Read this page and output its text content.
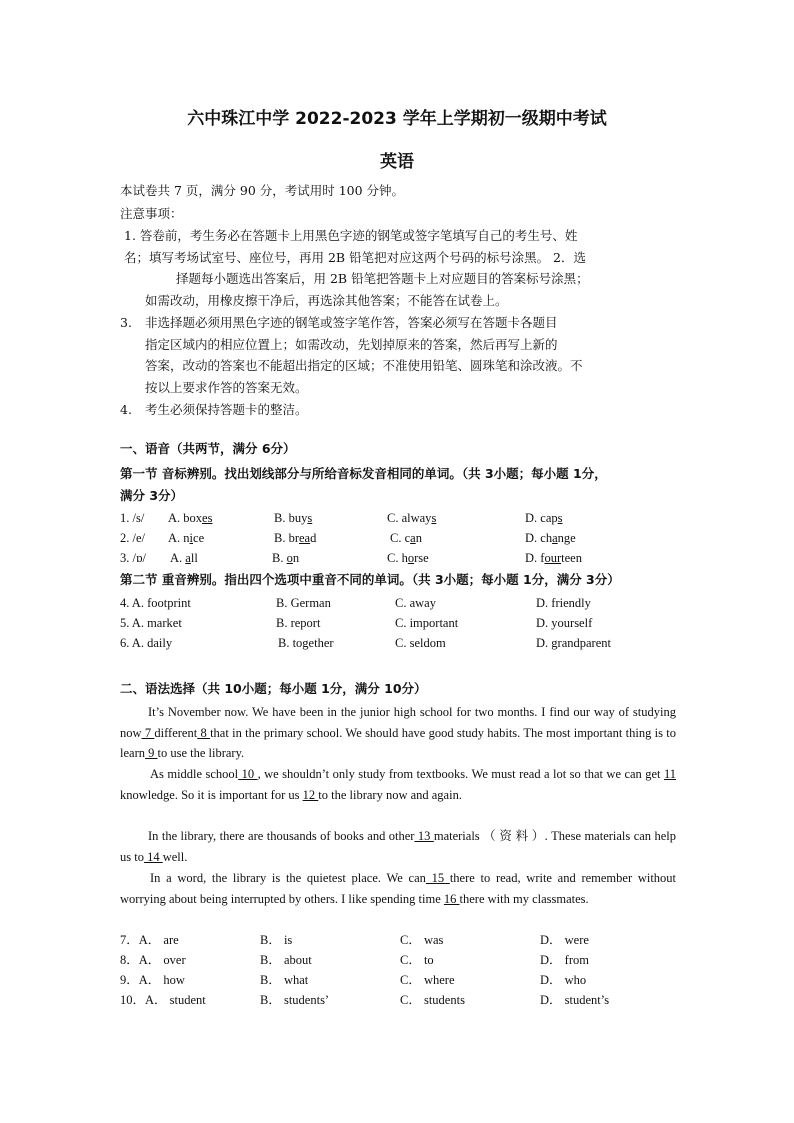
六中珠江中学 2022-2023 学年上学期初一级期中考试
英语
本试卷共 7 页，满分 90 分，考试用时 100 分钟。
注意事项：
1. 答卷前，考生务必在答题卡上用黑色字迹的钢笔或签字笔填写自己的考生号、姓
名；填写考场试室号、座位号，再用 2B 铅笔把对应这两个号码的标号涂黑。 2．选
择题每小题选出答案后，用 2B 铅笔把答题卡上对应题目的答案标号涂黑；
如需改动，用橡皮擦干净后，再选涂其他答案；不能答在试卷上。
3. 非选择题必须用黑色字迹的钢笔或签字笔作答，答案必须写在答题卡各题目
指定区域内的相应位置上；如需改动，先划掉原来的答案，然后再写上新的
答案，改动的答案也不能超出指定的区域；不准使用铅笔、圆珠笔和涂改液。不
按以上要求作答的答案无效。
4. 考生必须保持答题卡的整洁。
一、语音（共两节，满分 6分）
第一节 音标辨别。找出划线部分与所给音标发音相同的单词。（共 3小题；每小题 1分，
满分 3分）
1. /s/ A. boxes	B. buys	C. always	D. caps
2. /e/ A. nice	B. bread	C. can	D. change
3. /ɒ/ A. all	B. on	C. horse	D. fourteen
第二节 重音辨别。指出四个选项中重音不同的单词。（共 3小题；每小题 1分，满分 3分）
4. A. footprint	B. German	C. away	D. friendly
5. A. market	B. report	C. important	D. yourself
6. A. daily	B. together	C. seldom	D. grandparent
二、语法选择（共 10小题；每小题 1分，满分 10分）
It’s November now. We have been in the junior high school for two months. I find our way of studying now 7 different 8 that in the primary school. We should have good study habits. The most important thing is to learn 9 to use the library.
As middle school 10 , we shouldn’t only study from textbooks. We must read a lot so that we can get 11 knowledge. So it is important for us 12 to the library now and again.
In the library, there are thousands of books and other 13 materials （ 资 料 ）. These materials can help us to 14 well.
In a word, the library is the quietest place. We can 15 there to read, write and remember without worrying about being interrupted by others. I like spending time 16 there with my classmates.
7．A． are	B． is	C． was	D． were
8．A． over	B． about	C． to	D． from
9．A． how	B． what	C． where	D． who
10．A． student	B． students’	C． students	D． student’s
